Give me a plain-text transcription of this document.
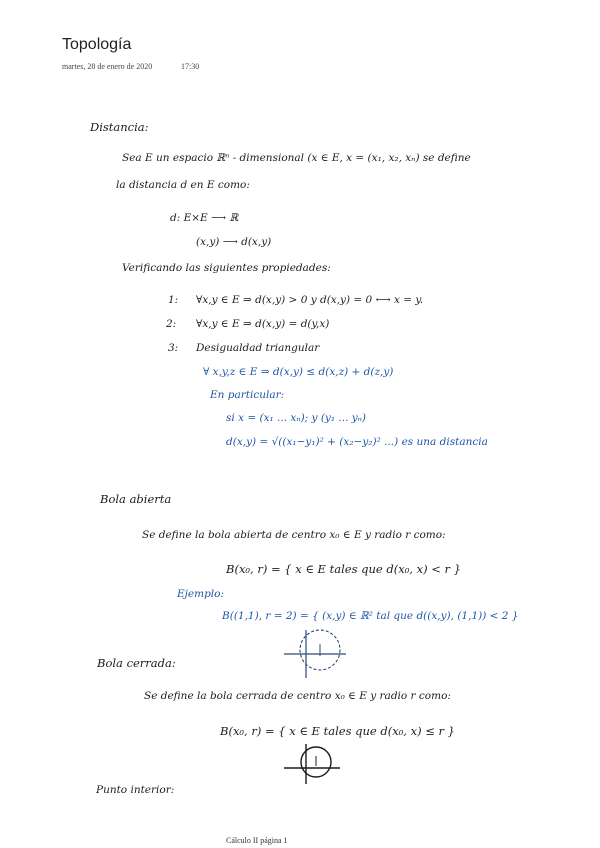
Topología
martes, 28 de enero de 2020	17:30
Distancia:
Sea E un espacio ℝⁿ - dimensional (x ∈ E, x = (x₁, x₂, xₙ) se define
la distancia d en E como:
d: E×E ⟶ ℝ
(x,y) ⟶ d(x,y)
Verificando las siguientes propiedades:
1: ∀x,y ∈ E ⇒ d(x,y) > 0 y d(x,y) = 0 ⟷ x = y.
2: ∀x,y ∈ E ⇒ d(x,y) = d(y,x)
3: Desigualdad triangular
∀ x,y,z ∈ E ⇒ d(x,y) ≤ d(x,z) + d(z,y)
En particular:
si x = (x₁ ... xₙ); y (y₁ ... yₙ)
d(x,y) = √((x₁−y₁)² + (x₂−y₂)² ...) es una distancia
Bola abierta
Se define la bola abierta de centro x₀ ∈ E y radio r como:
B(x₀, r) = { x ∈ E tales que d(x₀, x) < r }
Ejemplo:
B((1,1), r = 2) = { (x,y) ∈ ℝ² tal que d((x,y), (1,1)) < 2 }
Bola cerrada:
Se define la bola cerrada de centro x₀ ∈ E y radio r como:
B(x₀, r) = { x ∈ E tales que d(x₀, x) ≤ r }
Punto interior:
Cálculo II página 1
